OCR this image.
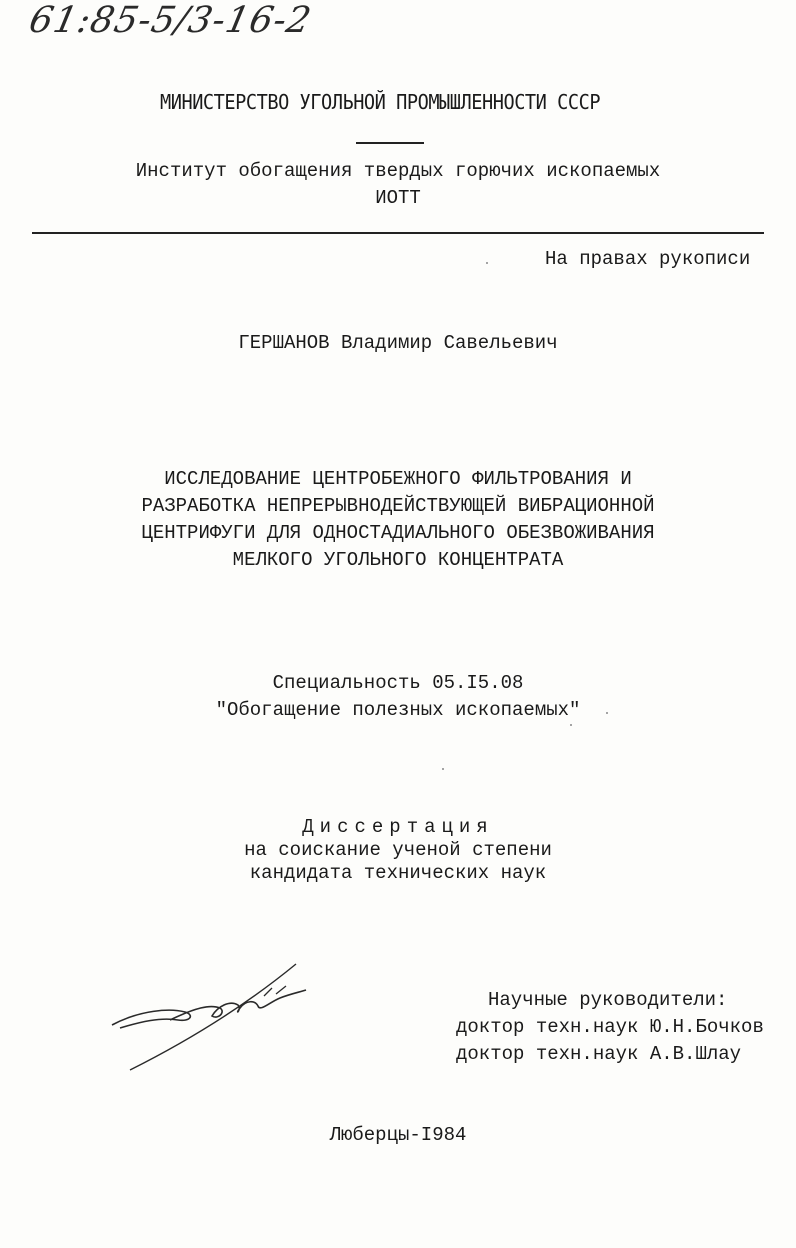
61:85-5/3-16-2
МИНИСТЕРСТВО УГОЛЬНОЙ ПРОМЫШЛЕННОСТИ СССР
Институт обогащения твердых горючих ископаемых
ИОТТ
На правах рукописи
ГЕРШАНОВ Владимир Савельевич
ИССЛЕДОВАНИЕ ЦЕНТРОБЕЖНОГО ФИЛЬТРОВАНИЯ И
РАЗРАБОТКА НЕПРЕРЫВНОДЕЙСТВУЮЩЕЙ ВИБРАЦИОННОЙ
ЦЕНТРИФУГИ ДЛЯ ОДНОСТАДИАЛЬНОГО ОБЕЗВОЖИВАНИЯ
МЕЛКОГО УГОЛЬНОГО КОНЦЕНТРАТА
Специальность 05.I5.08
"Обогащение полезных ископаемых"
Диссертация
на соискание ученой степени
кандидата технических наук
Научные руководители:
доктор техн.наук Ю.Н.Бочков
доктор техн.наук А.В.Шлау
Люберцы-I984
